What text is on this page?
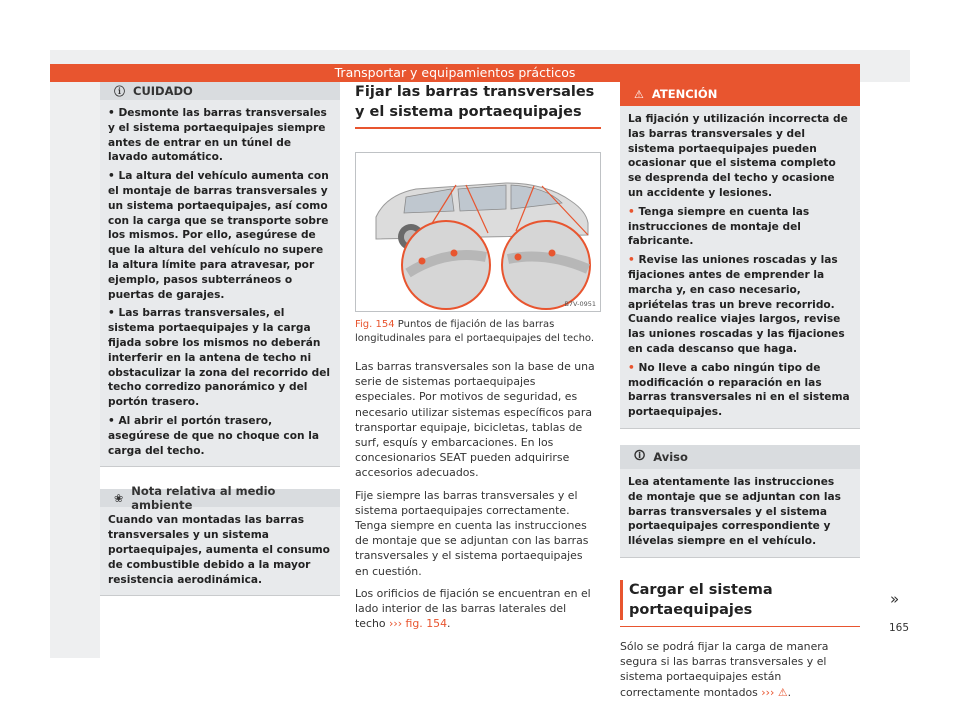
Transportar y equipamientos prácticos
ⓘ CUIDADO

• Desmonte las barras transversales y el sistema portaequipajes siempre antes de entrar en un túnel de lavado automático.

• La altura del vehículo aumenta con el montaje de barras transversales y un sistema portaequipajes, así como con la carga que se transporte sobre los mismos. Por ello, asegúrese de que la altura del vehículo no supere la altura límite para atravesar, por ejemplo, pasos subterráneos o puertas de garajes.

• Las barras transversales, el sistema portaequipajes y la carga fijada sobre los mismos no deberán interferir en la antena de techo ni obstaculizar la zona del recorrido del techo corredizo panorámico y del portón trasero.

• Al abrir el portón trasero, asegúrese de que no choque con la carga del techo.

❀ Nota relativa al medio ambiente
Cuando van montadas las barras transversales y un sistema portaequipajes, aumenta el consumo de combustible debido a la mayor resistencia aerodinámica.
Fijar las barras transversales y el sistema portaequipajes
B7V-0951
Fig. 154 Puntos de fijación de las barras longitudinales para el portaequipajes del techo.

Las barras transversales son la base de una serie de sistemas portaequipajes especiales. Por motivos de seguridad, es necesario utilizar sistemas específicos para transportar equipaje, bicicletas, tablas de surf, esquís y embarcaciones. En los concesionarios SEAT pueden adquirirse accesorios adecuados.

Fije siempre las barras transversales y el sistema portaequipajes correctamente. Tenga siempre en cuenta las instrucciones de montaje que se adjuntan con las barras transversales y el sistema portaequipajes en cuestión.

Los orificios de fijación se encuentran en el lado interior de las barras laterales del techo ››› fig. 154.

⚠ ATENCIÓN

La fijación y utilización incorrecta de las barras transversales y del sistema portaequipajes pueden ocasionar que el sistema completo se desprenda del techo y ocasione un accidente y lesiones.

• Tenga siempre en cuenta las instrucciones de montaje del fabricante.

• Revise las uniones roscadas y las fijaciones antes de emprender la marcha y, en caso necesario, apriételas tras un breve recorrido. Cuando realice viajes largos, revise las uniones roscadas y las fijaciones en cada descanso que haga.

• No lleve a cabo ningún tipo de modificación o reparación en las barras transversales ni en el sistema portaequipajes.

🛈 Aviso
Lea atentamente las instrucciones de montaje que se adjuntan con las barras transversales y el sistema portaequipajes correspondiente y llévelas siempre en el vehículo.
Cargar el sistema portaequipajes
Sólo se podrá fijar la carga de manera segura si las barras transversales y el sistema portaequipajes están correctamente montados ››› ⚠.
»
165
